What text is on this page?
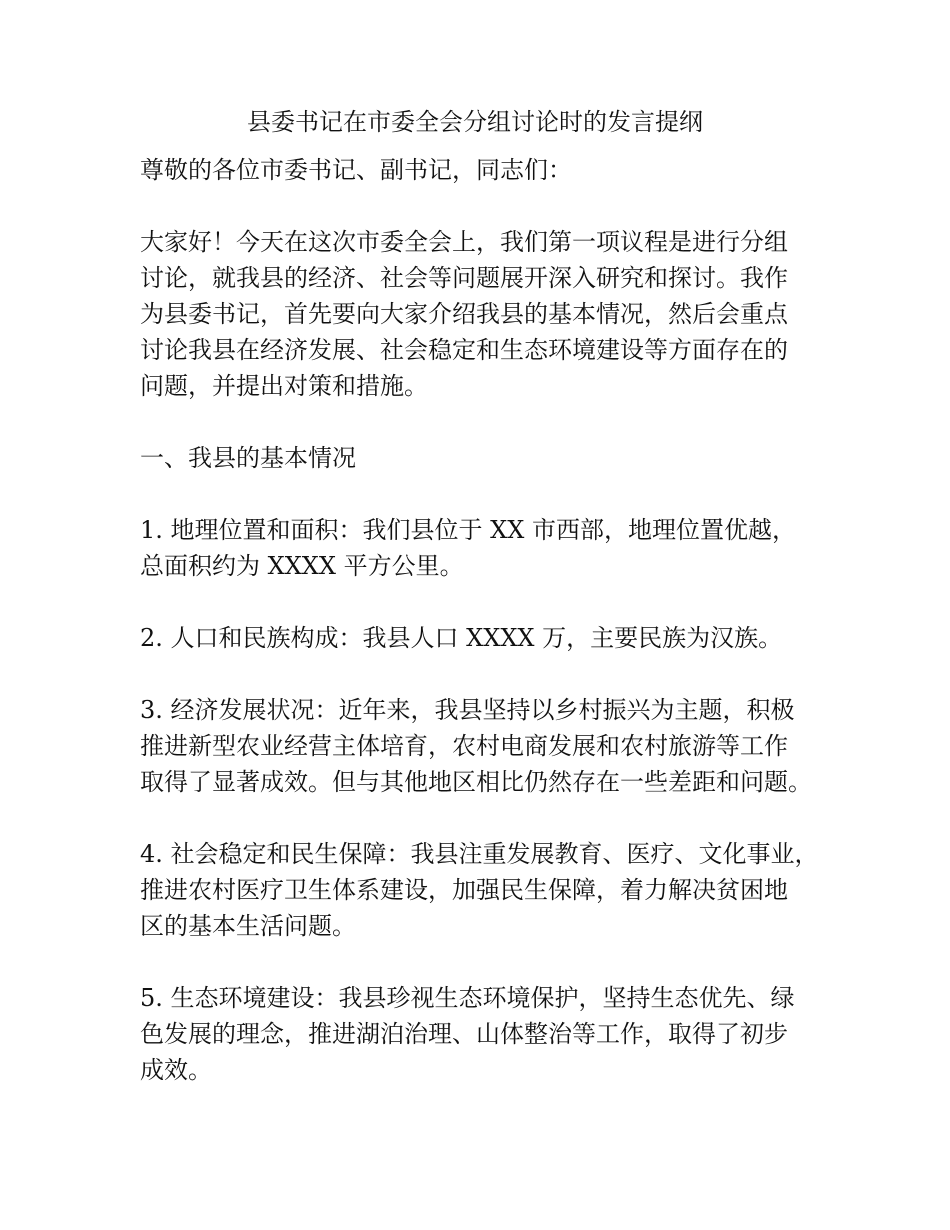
县委书记在市委全会分组讨论时的发言提纲

尊敬的各位市委书记、副书记，同志们：

大家好！今天在这次市委全会上，我们第一项议程是进行分组
讨论，就我县的经济、社会等问题展开深入研究和探讨。我作
为县委书记，首先要向大家介绍我县的基本情况，然后会重点
讨论我县在经济发展、社会稳定和生态环境建设等方面存在的
问题，并提出对策和措施。

一、我县的基本情况

1. 地理位置和面积：我们县位于 XX 市西部，地理位置优越，
总面积约为 XXXX 平方公里。

2. 人口和民族构成：我县人口 XXXX 万，主要民族为汉族。

3. 经济发展状况：近年来，我县坚持以乡村振兴为主题，积极
推进新型农业经营主体培育，农村电商发展和农村旅游等工作
取得了显著成效。但与其他地区相比仍然存在一些差距和问题。

4. 社会稳定和民生保障：我县注重发展教育、医疗、文化事业，
推进农村医疗卫生体系建设，加强民生保障，着力解决贫困地
区的基本生活问题。

5. 生态环境建设：我县珍视生态环境保护，坚持生态优先、绿
色发展的理念，推进湖泊治理、山体整治等工作，取得了初步
成效。
